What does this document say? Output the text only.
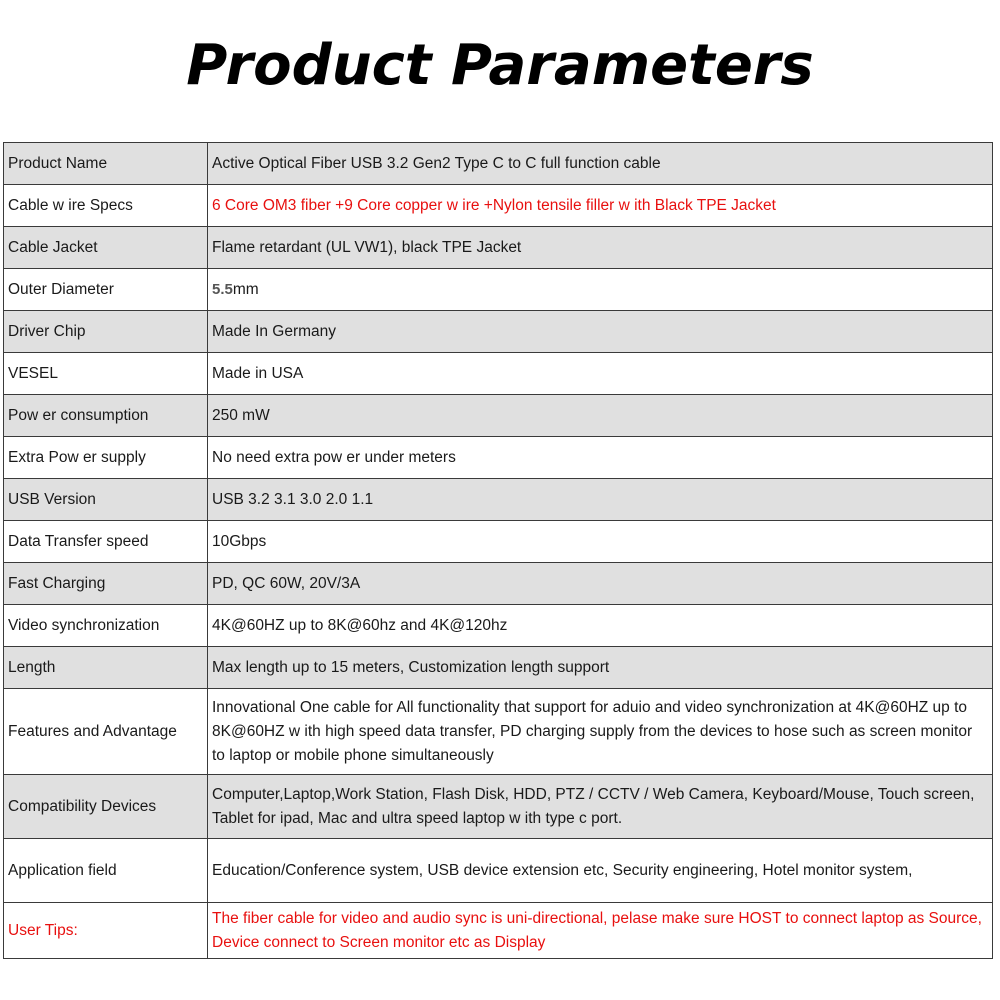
Product Parameters
Product Name	Active Optical Fiber USB 3.2 Gen2 Type C to C full function cable
Cable w ire Specs	6 Core OM3 fiber +9 Core copper w ire +Nylon tensile filler w ith Black TPE Jacket
Cable Jacket	Flame retardant (UL VW1), black TPE Jacket
Outer Diameter	5.5mm
Driver Chip	Made In Germany
VESEL	Made in USA
Pow er consumption	250 mW
Extra Pow er supply	No need extra pow er under meters
USB Version	USB 3.2 3.1 3.0 2.0 1.1
Data Transfer speed	10Gbps
Fast Charging	PD, QC 60W, 20V/3A
Video synchronization	4K@60HZ up to 8K@60hz and 4K@120hz
Length	Max length up to 15 meters, Customization length support
Features and Advantage	Innovational One cable for All functionality that support for aduio and video synchronization at 4K@60HZ up to 8K@60HZ w ith high speed data transfer, PD charging supply from the devices to hose such as screen monitor to laptop or mobile phone simultaneously
Compatibility Devices	Computer,Laptop,Work Station, Flash Disk, HDD, PTZ / CCTV / Web Camera, Keyboard/Mouse, Touch screen, Tablet for ipad, Mac and ultra speed laptop w ith type c port.
Application field	Education/Conference system, USB device extension etc, Security engineering, Hotel monitor system,
User Tips:	The fiber cable for video and audio sync is uni-directional, pelase make sure HOST to connect laptop as Source, Device connect to Screen monitor etc as Display
